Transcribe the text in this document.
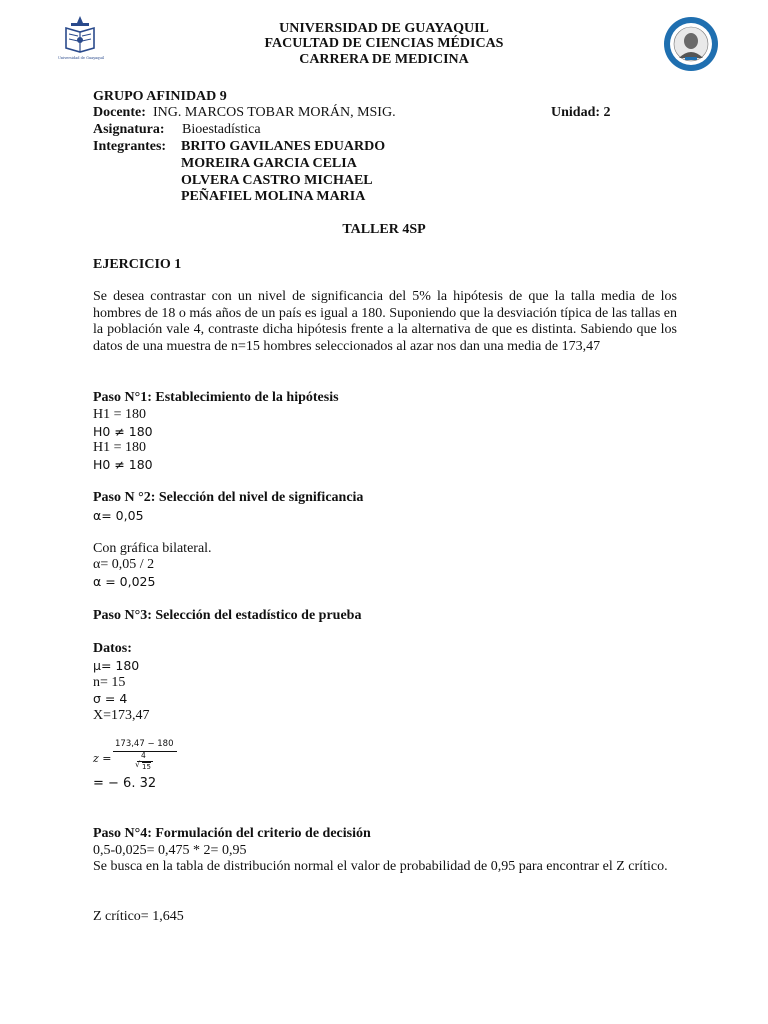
Universidad de Guayaquil
UNIVERSIDAD DE GUAYAQUIL
FACULTAD DE CIENCIAS MÉDICAS
CARRERA DE MEDICINA
GRUPO AFINIDAD 9
Docente: ING. MARCOS TOBAR MORÁN, MSIG.	Unidad: 2
Asignatura: Bioestadística
Integrantes: BRITO GAVILANES EDUARDO
MOREIRA GARCIA CELIA
OLVERA CASTRO MICHAEL
PEÑAFIEL MOLINA MARIA
TALLER 4SP
EJERCICIO 1
Se desea contrastar con un nivel de significancia del 5% la hipótesis de que la talla media de los hombres de 18 o más años de un país es igual a 180. Suponiendo que la desviación típica de las tallas en la población vale 4, contraste dicha hipótesis frente a la alternativa de que es distinta. Sabiendo que los datos de una muestra de n=15 hombres seleccionados al azar nos dan una media de 173,47
Paso N°1: Establecimiento de la hipótesis
H1 = 180
H0 ≠ 180
H1 = 180
H0 ≠ 180
Paso N °2: Selección del nivel de significancia
α= 0,05
Con gráfica bilateral.
α= 0,05 / 2
α = 0,025
Paso N°3: Selección del estadístico de prueba
Datos:
μ= 180
n= 15
σ = 4
X=173,47
z =
173,47 − 180
4
√ 15
= − 6. 32
Paso N°4: Formulación del criterio de decisión
0,5-0,025= 0,475 * 2= 0,95
Se busca en la tabla de distribución normal el valor de probabilidad de 0,95 para encontrar el Z crítico.
Z crítico= 1,645
